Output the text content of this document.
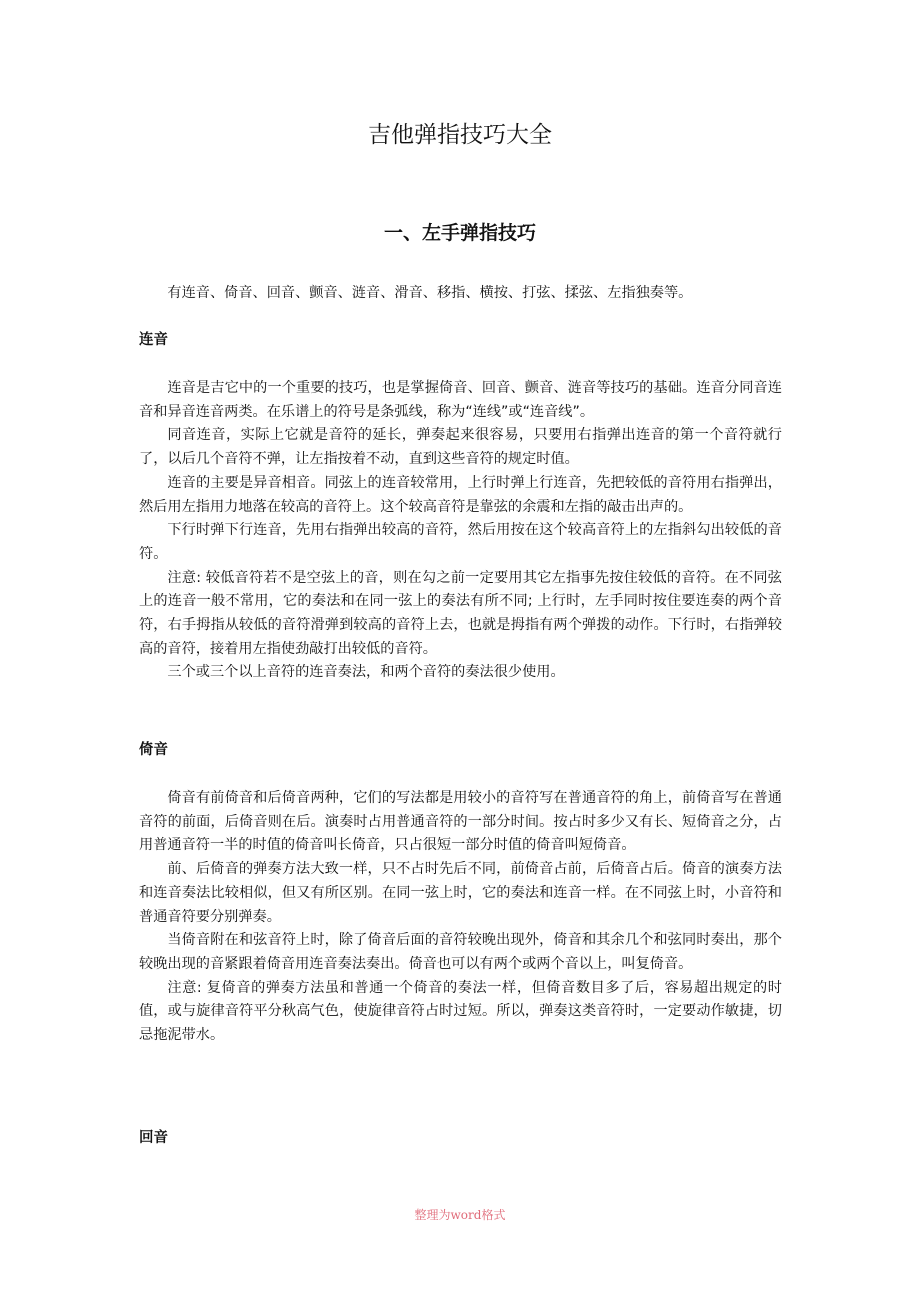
吉他弹指技巧大全
一、左手弹指技巧

有连音、倚音、回音、颤音、涟音、滑音、移指、横按、打弦、揉弦、左指独奏等。

连音

连音是吉它中的一个重要的技巧，也是掌握倚音、回音、颤音、涟音等技巧的基础。连音分同音连音和异音连音两类。在乐谱上的符号是条弧线，称为“连线”或“连音线”。

同音连音，实际上它就是音符的延长，弹奏起来很容易，只要用右指弹出连音的第一个音符就行了，以后几个音符不弹，让左指按着不动，直到这些音符的规定时值。

连音的主要是异音相音。同弦上的连音较常用，上行时弹上行连音，先把较低的音符用右指弹出，然后用左指用力地落在较高的音符上。这个较高音符是靠弦的余震和左指的敲击出声的。

下行时弹下行连音，先用右指弹出较高的音符，然后用按在这个较高音符上的左指斜勾出较低的音符。

注意: 较低音符若不是空弦上的音，则在勾之前一定要用其它左指事先按住较低的音符。在不同弦上的连音一般不常用，它的奏法和在同一弦上的奏法有所不同; 上行时，左手同时按住要连奏的两个音符，右手拇指从较低的音符滑弹到较高的音符上去，也就是拇指有两个弹拨的动作。下行时，右指弹较高的音符，接着用左指使劲敲打出较低的音符。

三个或三个以上音符的连音奏法，和两个音符的奏法很少使用。

倚音

倚音有前倚音和后倚音两种，它们的写法都是用较小的音符写在普通音符的角上，前倚音写在普通音符的前面，后倚音则在后。演奏时占用普通音符的一部分时间。按占时多少又有长、短倚音之分，占用普通音符一半的时值的倚音叫长倚音，只占很短一部分时值的倚音叫短倚音。

前、后倚音的弹奏方法大致一样，只不占时先后不同，前倚音占前，后倚音占后。倚音的演奏方法和连音奏法比较相似，但又有所区别。在同一弦上时，它的奏法和连音一样。在不同弦上时，小音符和普通音符要分别弹奏。

当倚音附在和弦音符上时，除了倚音后面的音符较晚出现外，倚音和其余几个和弦同时奏出，那个较晚出现的音紧跟着倚音用连音奏法奏出。倚音也可以有两个或两个音以上，叫复倚音。

注意: 复倚音的弹奏方法虽和普通一个倚音的奏法一样，但倚音数目多了后，容易超出规定的时值，或与旋律音符平分秋高气色，使旋律音符占时过短。所以，弹奏这类音符时，一定要动作敏捷，切忌拖泥带水。

回音
整理为word格式
